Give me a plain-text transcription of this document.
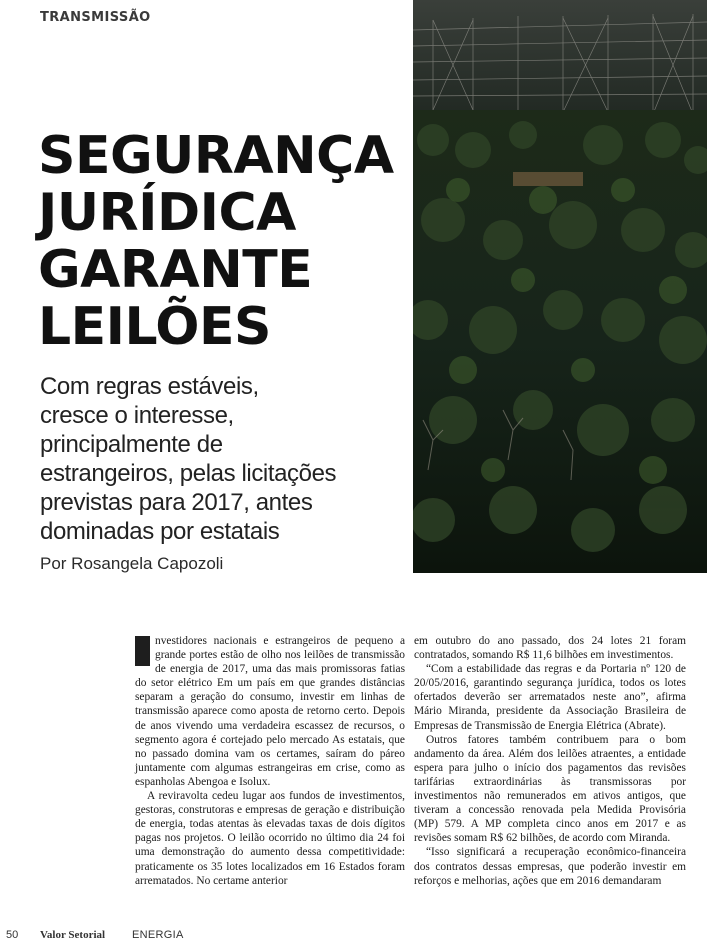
TRANSMISSÃO
SEGURANÇA
JURÍDICA
GARANTE
LEILÕES
Com regras estáveis,
cresce o interesse,
principalmente de
estrangeiros, pelas licitações
previstas para 2017, antes
dominadas por estatais
Por Rosangela Capozoli

nvestidores nacionais e estrangeiros de pequeno a grande portes estão de olho nos leilões de transmissão de energia de 2017, uma das mais promissoras fatias do setor elétrico Em um país em que grandes distâncias separam a geração do consumo, investir em linhas de transmissão aparece como aposta de retorno certo. Depois de anos vivendo uma verdadeira escassez de recursos, o segmento agora é cortejado pelo mercado As estatais, que no passado domina vam os certames, saíram do páreo juntamente com algumas estrangeiras em crise, como as espanholas Abengoa e Isolux.

A reviravolta cedeu lugar aos fundos de investimentos, gestoras, construtoras e empresas de geração e distribuição de energia, todas atentas às elevadas taxas de dois dígitos pagas nos projetos. O leilão ocorrido no último dia 24 foi uma demonstração do aumento dessa competitividade: praticamente os 35 lotes localizados em 16 Estados foram arrematados. No certame anterior

em outubro do ano passado, dos 24 lotes 21 foram contratados, somando R$ 11,6 bilhões em investimentos.

“Com a estabilidade das regras e da Portaria nº 120 de 20/05/2016, garantindo segurança jurídica, todos os lotes ofertados deverão ser arrematados neste ano”, afirma Mário Miranda, presidente da Associação Brasileira de Empresas de Transmissão de Energia Elétrica (Abrate).

Outros fatores também contribuem para o bom andamento da área. Além dos leilões atraentes, a entidade espera para julho o início dos pagamentos das revisões tarifárias extraordinárias às transmissoras por investimentos não remunerados em ativos antigos, que tiveram a concessão renovada pela Medida Provisória (MP) 579. A MP completa cinco anos em 2017 e as revisões somam R$ 62 bilhões, de acordo com Miranda.

“Isso significará a recuperação econômico-financeira dos contratos dessas empresas, que poderão investir em reforços e melhorias, ações que em 2016 demandaram

50 Valor Setorial ENERGIA
